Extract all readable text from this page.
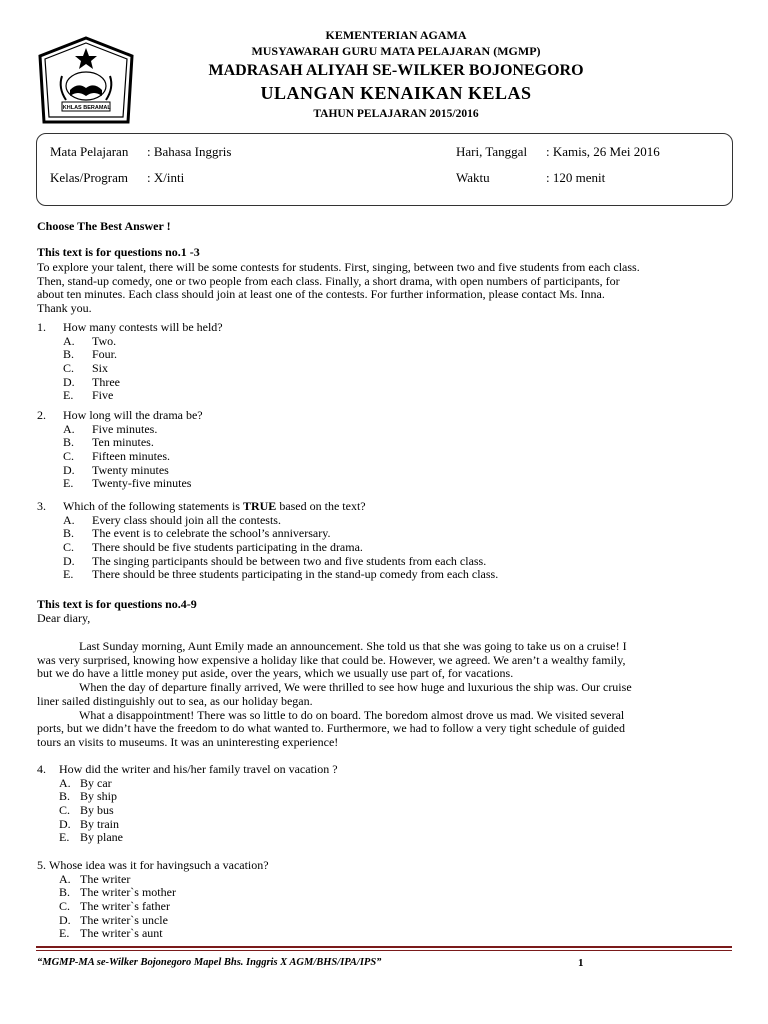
IKHLAS BERAMAL
KEMENTERIAN AGAMA
MUSYAWARAH GURU MATA PELAJARAN (MGMP)
MADRASAH ALIYAH SE-WILKER BOJONEGORO
ULANGAN KENAIKAN KELAS
TAHUN PELAJARAN 2015/2016
Mata Pelajaran : Bahasa Inggris
Kelas/Program : X/inti
Hari, Tanggal : Kamis, 26 Mei 2016
Waktu	: 120 menit
Choose The Best Answer !
This text is for questions no.1 -3
To explore your talent, there will be some contests for students. First, singing, between two and five students from each class.
Then, stand-up comedy, one or two people from each class. Finally, a short drama, with open numbers of participants, for
about ten minutes. Each class should join at least one of the contests. For further information, please contact Ms. Inna.
Thank you.
1. How many contests will be held?
A.	Two.
B.	Four.
C.	Six
D.	Three
E.	Five
2. How long will the drama be?
A.	Five minutes.
B.	Ten minutes.
C.	Fifteen minutes.
D.	Twenty minutes
E.	Twenty-five minutes
3. Which of the following statements is TRUE based on the text?
A.	Every class should join all the contests.
B.	The event is to celebrate the school’s anniversary.
C.	There should be five students participating in the drama.
D.	The singing participants should be between two and five students from each class.
E.	There should be three students participating in the stand-up comedy from each class.
This text is for questions no.4-9
Dear diary,
Last Sunday morning, Aunt Emily made an announcement. She told us that she was going to take us on a cruise! I
was very surprised, knowing how expensive a holiday like that could be. However, we agreed. We aren’t a wealthy family,
but we do have a little money put aside, over the years, which we usually use part of, for vacations.
When the day of departure finally arrived, We were thrilled to see how huge and luxurious the ship was. Our cruise
liner sailed distinguishly out to sea, as our holiday began.
What a disappointment! There was so little to do on board. The boredom almost drove us mad. We visited several
ports, but we didn’t have the freedom to do what wanted to. Furthermore, we had to follow a very tight schedule of guided
tours an visits to museums. It was an uninteresting experience!
4. How did the writer and his/her family travel on vacation ?
A. By car
B. By ship
C. By bus
D. By train
E. By plane
5. Whose idea was it for havingsuch a vacation?
A. The writer
B. The writer`s mother
C. The writer`s father
D. The writer`s uncle
E. The writer`s aunt
“MGMP-MA se-Wilker Bojonegoro Mapel Bhs. Inggris X AGM/BHS/IPA/IPS”	1
